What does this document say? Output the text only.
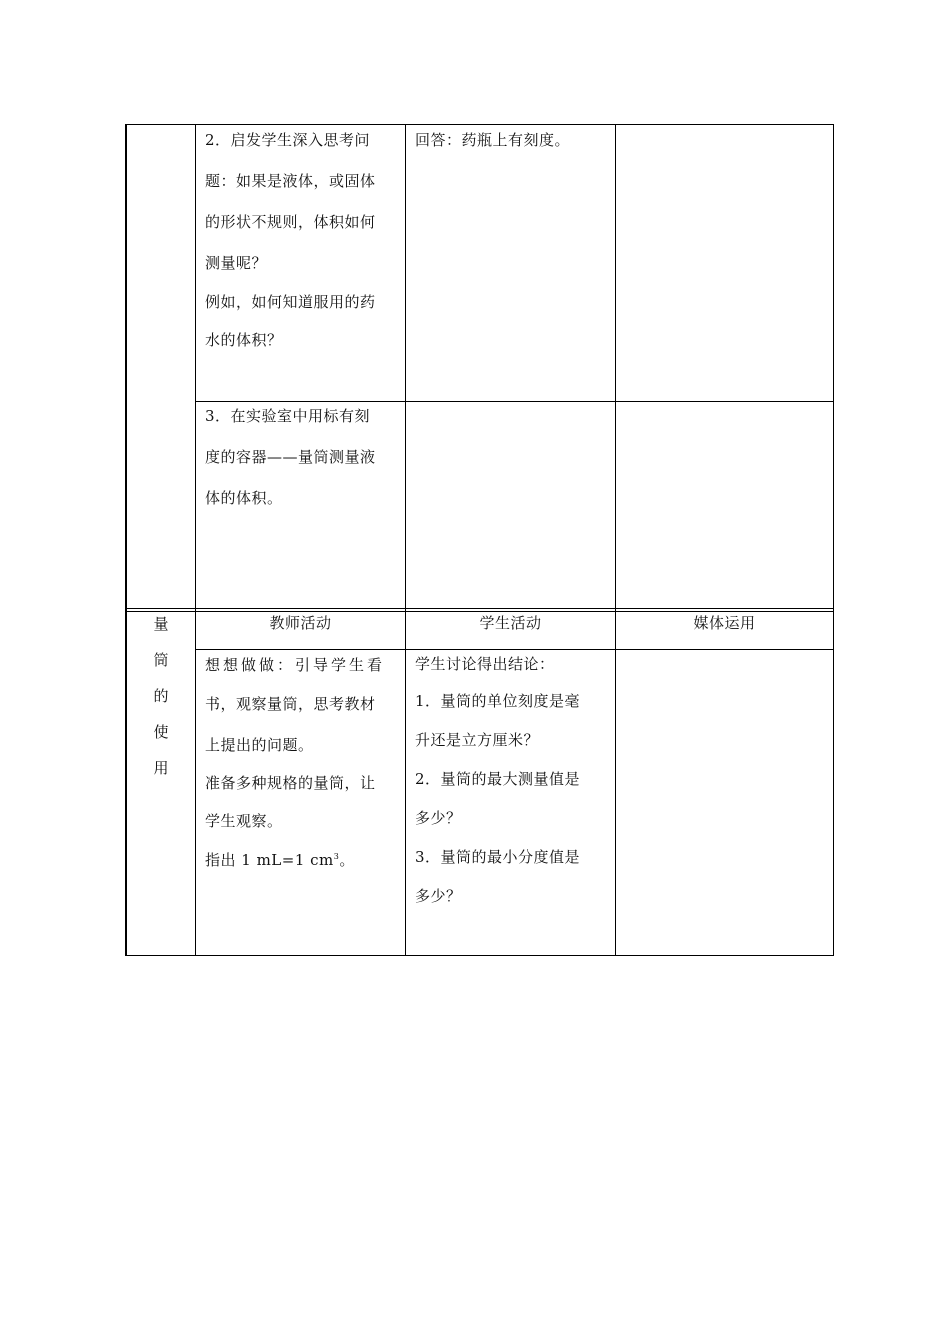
2．启发学生深入思考问

题：如果是液体，或固体

的形状不规则，体积如何

测量呢？

例如，如何知道服用的药

水的体积？

回答：药瓶上有刻度。

3．在实验室中用标有刻

度的容器——量筒测量液

体的体积。

量
筒
的
使
用
教师活动	学生活动	媒体运用

想想做做：引导学生看

书，观察量筒，思考教材

上提出的问题。

准备多种规格的量筒，让

学生观察。

指出 1 mL=1 $cm^3$。

学生讨论得出结论：

1．量筒的单位刻度是毫

升还是立方厘米？

2．量筒的最大测量值是

多少？

3．量筒的最小分度值是

多少？
